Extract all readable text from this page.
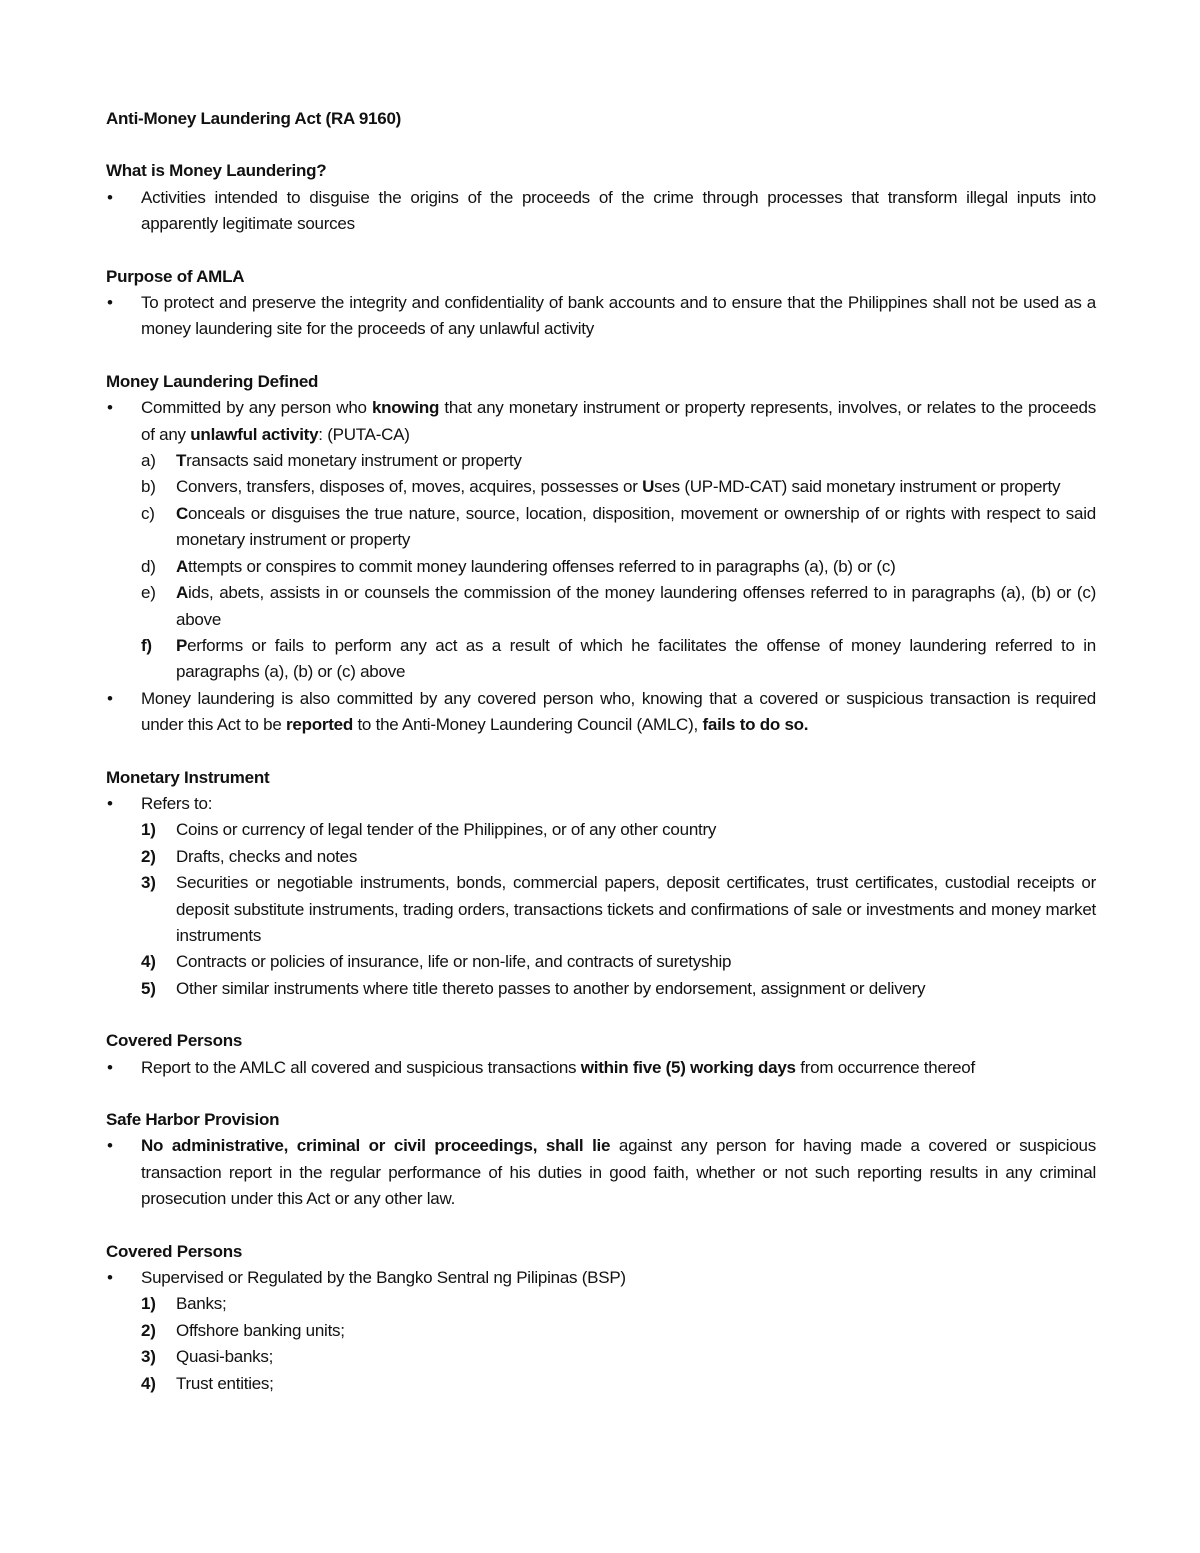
Anti-Money Laundering Act (RA 9160)

What is Money Laundering?

• Activities intended to disguise the origins of the proceeds of the crime through processes that transform illegal inputs into apparently legitimate sources

Purpose of AMLA

• To protect and preserve the integrity and confidentiality of bank accounts and to ensure that the Philippines shall not be used as a money laundering site for the proceeds of any unlawful activity

Money Laundering Defined

• Committed by any person who knowing that any monetary instrument or property represents, involves, or relates to the proceeds of any unlawful activity: (PUTA-CA)
a) Transacts said monetary instrument or property
b) Convers, transfers, disposes of, moves, acquires, possesses or Uses (UP-MD-CAT) said monetary instrument or property
c) Conceals or disguises the true nature, source, location, disposition, movement or ownership of or rights with respect to said monetary instrument or property
d) Attempts or conspires to commit money laundering offenses referred to in paragraphs (a), (b) or (c)
e) Aids, abets, assists in or counsels the commission of the money laundering offenses referred to in paragraphs (a), (b) or (c) above
f) Performs or fails to perform any act as a result of which he facilitates the offense of money laundering referred to in paragraphs (a), (b) or (c) above
• Money laundering is also committed by any covered person who, knowing that a covered or suspicious transaction is required under this Act to be reported to the Anti-Money Laundering Council (AMLC), fails to do so.

Monetary Instrument

• Refers to:
1) Coins or currency of legal tender of the Philippines, or of any other country
2) Drafts, checks and notes
3) Securities or negotiable instruments, bonds, commercial papers, deposit certificates, trust certificates, custodial receipts or deposit substitute instruments, trading orders, transactions tickets and confirmations of sale or investments and money market instruments
4) Contracts or policies of insurance, life or non-life, and contracts of suretyship
5) Other similar instruments where title thereto passes to another by endorsement, assignment or delivery

Covered Persons

• Report to the AMLC all covered and suspicious transactions within five (5) working days from occurrence thereof

Safe Harbor Provision

• No administrative, criminal or civil proceedings, shall lie against any person for having made a covered or suspicious transaction report in the regular performance of his duties in good faith, whether or not such reporting results in any criminal prosecution under this Act or any other law.

Covered Persons

• Supervised or Regulated by the Bangko Sentral ng Pilipinas (BSP)
1) Banks;
2) Offshore banking units;
3) Quasi-banks;
4) Trust entities;
